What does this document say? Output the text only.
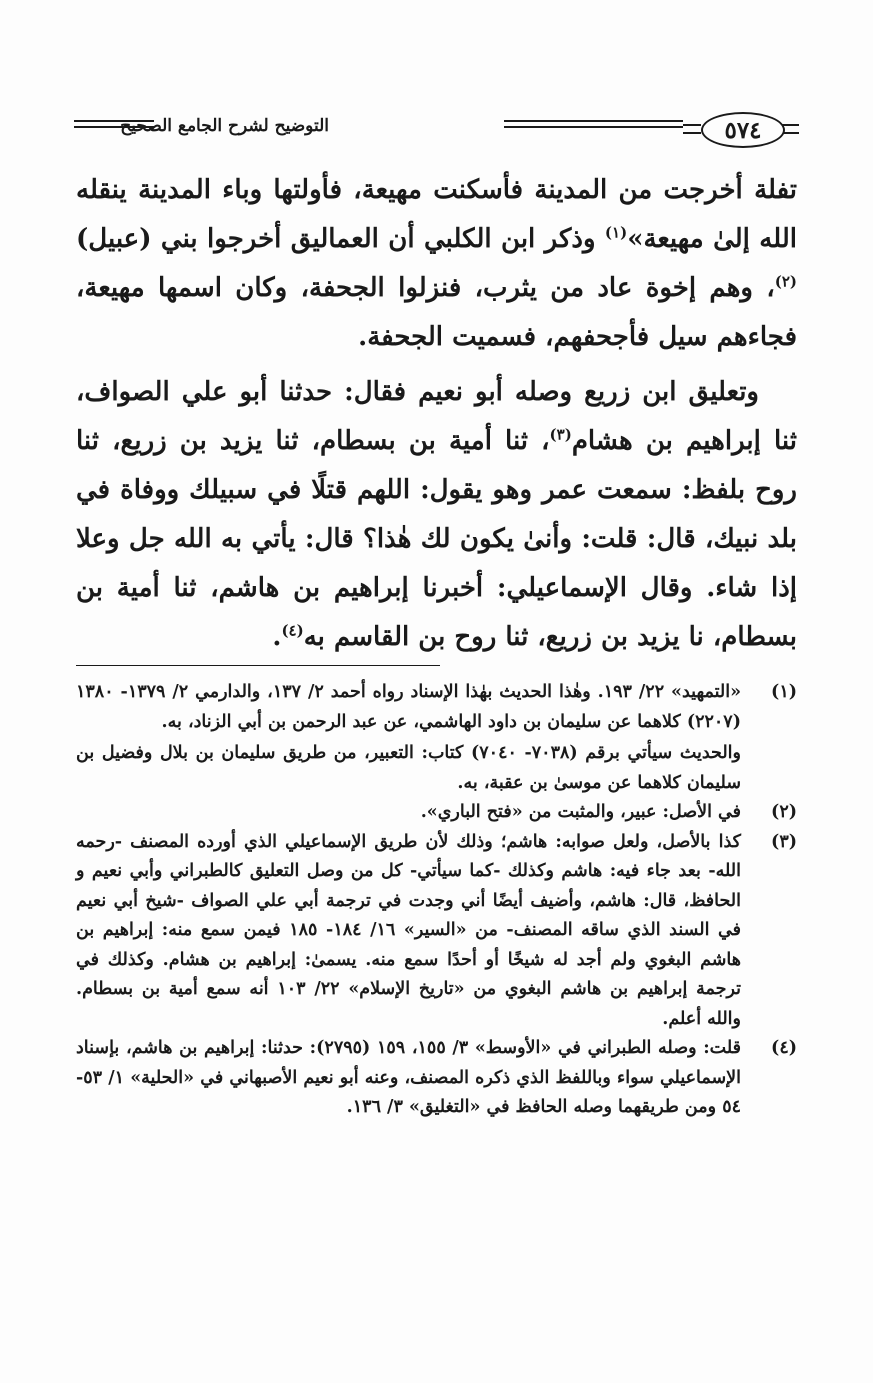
٥٧٤
التوضيح لشرح الجامع الصحيح

تفلة أخرجت من المدينة فأسكنت مهيعة، فأولتها وباء المدينة ينقله الله إلىٰ مهيعة»$^{(١)}$ وذكر ابن الكلبي أن العماليق أخرجوا بني (عبيل)$^{(٢)}$، وهم إخوة عاد من يثرب، فنزلوا الجحفة، وكان اسمها مهيعة، فجاءهم سيل فأجحفهم، فسميت الجحفة.

وتعليق ابن زريع وصله أبو نعيم فقال: حدثنا أبو علي الصواف، ثنا إبراهيم بن هشام$^{(٣)}$، ثنا أمية بن بسطام، ثنا يزيد بن زريع، ثنا روح بلفظ: سمعت عمر وهو يقول: اللهم قتلًا في سبيلك ووفاة في بلد نبيك، قال: قلت: وأنىٰ يكون لك هٰذا؟ قال: يأتي به الله جل وعلا إذا شاء. وقال الإسماعيلي: أخبرنا إبراهيم بن هاشم، ثنا أمية بن بسطام، نا يزيد بن زريع، ثنا روح بن القاسم به$^{(٤)}$.

(١)

«التمهيد» ٢٢/ ١٩٣. وهٰذا الحديث بهٰذا الإسناد رواه أحمد ٢/ ١٣٧، والدارمي ٢/ ١٣٧٩- ١٣٨٠ (٢٢٠٧) كلاهما عن سليمان بن داود الهاشمي، عن عبد الرحمن بن أبي الزناد، به.

والحديث سيأتي برقم (٧٠٣٨- ٧٠٤٠) كتاب: التعبير، من طريق سليمان بن بلال وفضيل بن سليمان كلاهما عن موسىٰ بن عقبة، به.

(٢)

في الأصل: عبير، والمثبت من «فتح الباري».

(٣)

كذا بالأصل، ولعل صوابه: هاشم؛ وذلك لأن طريق الإسماعيلي الذي أورده المصنف -رحمه الله- بعد جاء فيه: هاشم وكذلك -كما سيأتي- كل من وصل التعليق كالطبراني وأبي نعيم و الحافظ، قال: هاشم، وأضيف أيضًا أني وجدت في ترجمة أبي علي الصواف -شيخ أبي نعيم في السند الذي ساقه المصنف- من «السير» ١٦/ ١٨٤- ١٨٥ فيمن سمع منه: إبراهيم بن هاشم البغوي ولم أجد له شيخًا أو أحدًا سمع منه. يسمىٰ: إبراهيم بن هشام. وكذلك في ترجمة إبراهيم بن هاشم البغوي من «تاريخ الإسلام» ٢٢/ ١٠٣ أنه سمع أمية بن بسطام. والله أعلم.

(٤)

قلت: وصله الطبراني في «الأوسط» ٣/ ١٥٥، ١٥٩ (٢٧٩٥): حدثنا: إبراهيم بن هاشم، بإسناد الإسماعيلي سواء وباللفظ الذي ذكره المصنف، وعنه أبو نعيم الأصبهاني في «الحلية» ١/ ٥٣- ٥٤ ومن طريقهما وصله الحافظ في «التغليق» ٣/ ١٣٦.
